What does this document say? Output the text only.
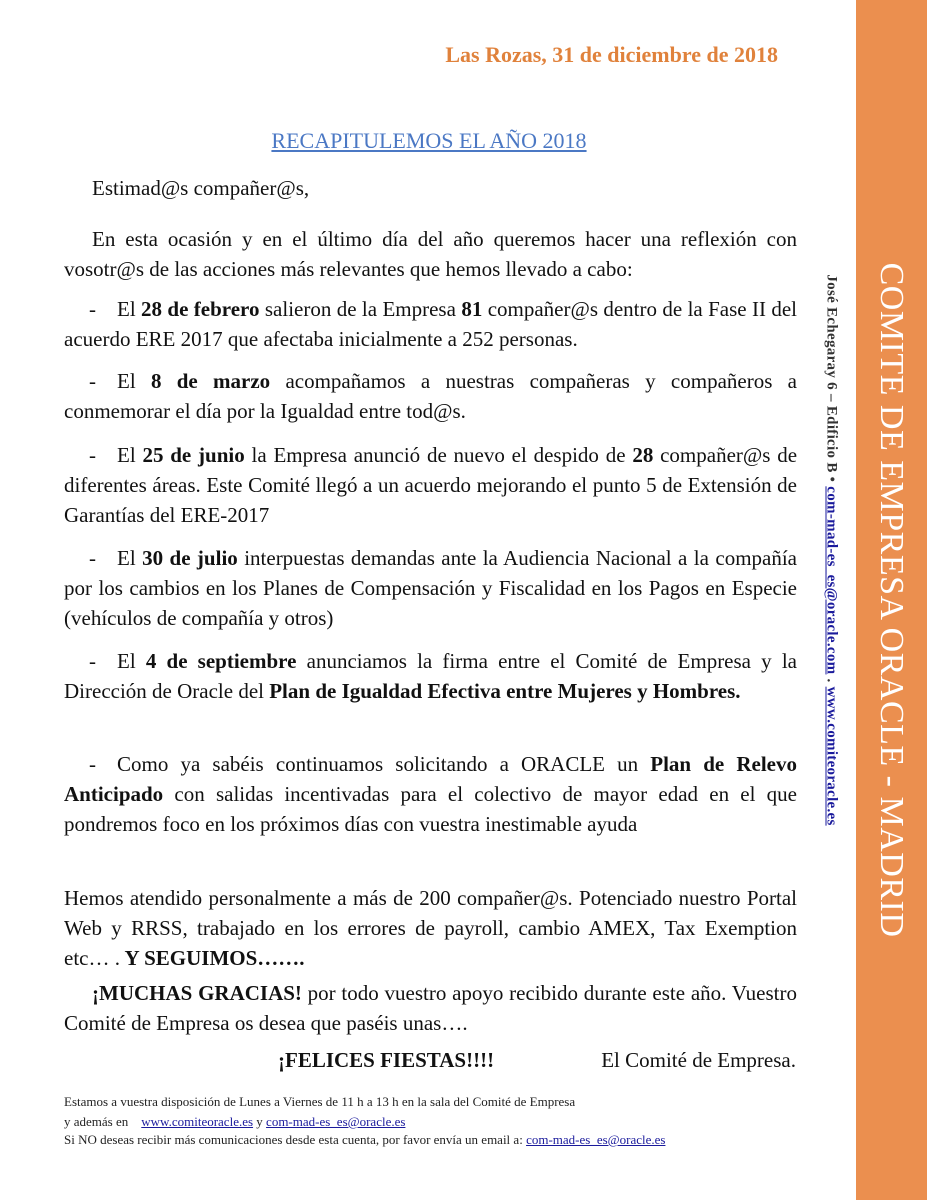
Las Rozas, 31 de diciembre de 2018
RECAPITULEMOS EL AÑO 2018

Estimad@s compañer@s,

En esta ocasión y en el último día del año queremos hacer una reflexión con vosotr@s de las acciones más relevantes que hemos llevado a cabo:

- El 28 de febrero salieron de la Empresa 81 compañer@s dentro de la Fase II del acuerdo ERE 2017 que afectaba inicialmente a 252 personas.

- El 8 de marzo acompañamos a nuestras compañeras y compañeros a conmemorar el día por la Igualdad entre tod@s.

- El 25 de junio la Empresa anunció de nuevo el despido de 28 compañer@s de diferentes áreas. Este Comité llegó a un acuerdo mejorando el punto 5 de Extensión de Garantías del ERE-2017

- El 30 de julio interpuestas demandas ante la Audiencia Nacional a la compañía por los cambios en los Planes de Compensación y Fiscalidad en los Pagos en Especie (vehículos de compañía y otros)

- El 4 de septiembre anunciamos la firma entre el Comité de Empresa y la Dirección de Oracle del Plan de Igualdad Efectiva entre Mujeres y Hombres.

- Como ya sabéis continuamos solicitando a ORACLE un Plan de Relevo Anticipado con salidas incentivadas para el colectivo de mayor edad en el que pondremos foco en los próximos días con vuestra inestimable ayuda

Hemos atendido personalmente a más de 200 compañer@s. Potenciado nuestro Portal Web y RRSS, trabajado en los errores de payroll, cambio AMEX, Tax Exemption etc… . Y SEGUIMOS…….

¡MUCHAS GRACIAS! por todo vuestro apoyo recibido durante este año. Vuestro Comité de Empresa os desea que paséis unas….

¡FELICES FIESTAS!!!!	El Comité de Empresa.
Estamos a vuestra disposición de Lunes a Viernes de 11 h a 13 h en la sala del Comité de Empresa
y además en www.comiteoracle.es y com-mad-es_es@oracle.es
Si NO deseas recibir más comunicaciones desde esta cuenta, por favor envía un email a: com-mad-es_es@oracle.es
José Echegaray 6 – Edificio B • com-mad-es_es@oracle.com . www.comiteoracle.es COMITE DE EMPRESA ORACLE - MADRID
